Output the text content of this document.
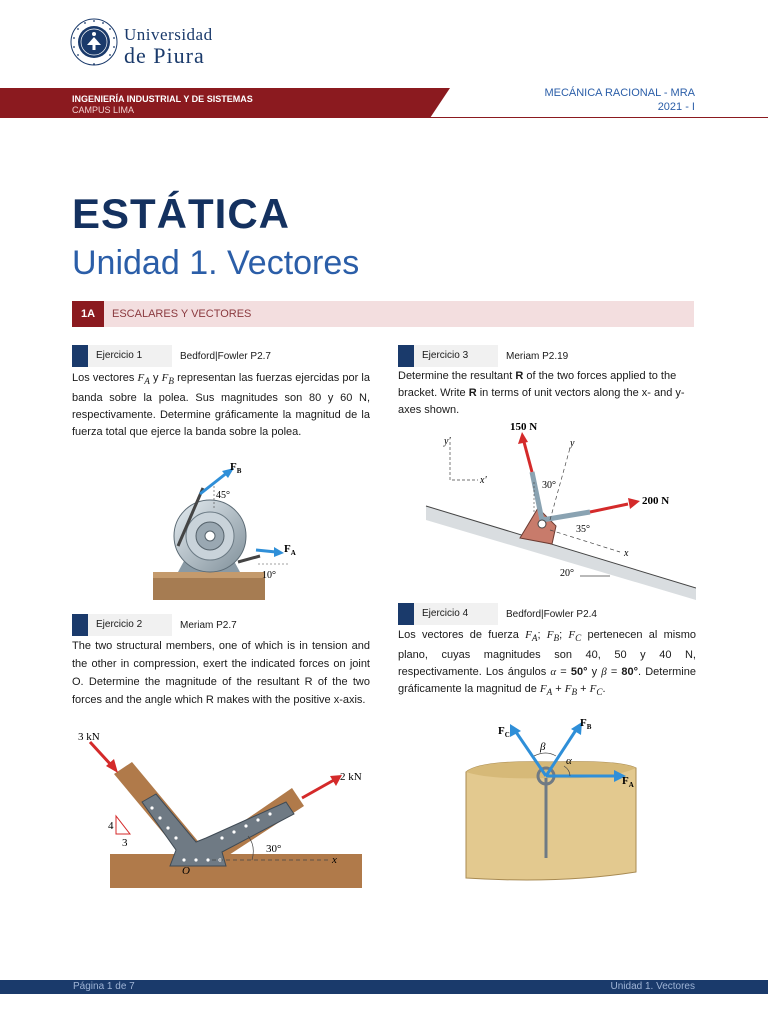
Universidad
de Piura
INGENIERÍA INDUSTRIAL Y DE SISTEMAS
CAMPUS LIMA
MECÁNICA RACIONAL - MRA
2021 - I
ESTÁTICA
Unidad 1. Vectores
1A	ESCALARES Y VECTORES
Ejercicio 1	Bedford|Fowler P2.7
Los vectores $F_A$ y $F_B$ representan las fuerzas ejercidas por la banda sobre la polea. Sus magnitudes son 80 y 60 N, respectivamente. Determine gráficamente la magnitud de la fuerza total que ejerce la banda sobre la polea.
$F_B$
45°
$F_A$
10°
Ejercicio 2	Meriam P2.7
The two structural members, one of which is in tension and the other in compression, exert the indicated forces on joint O. Determine the magnitude of the resultant R of the two forces and the angle which R makes with the positive x-axis.
3 kN
2 kN
4
3	30°
O
x
Ejercicio 3	Meriam P2.19
Determine the resultant R of the two forces applied to the bracket. Write R in terms of unit vectors along the x- and y-axes shown.
150 N
200 N
30°
35°
20°
y'
x'
y
x
Ejercicio 4	Bedford|Fowler P2.4
Los vectores de fuerza $F_A$; $F_B$; $F_C$ pertenecen al mismo plano, cuyas magnitudes son 40, 50 y 40 N, respectivamente. Los ángulos α = 50° y β = 80°. Determine gráficamente la magnitud de $F_A + F_B + F_C$.
$F_C$
$F_B$
$F_A$
β
α
Página 1 de 7	Unidad 1. Vectores
